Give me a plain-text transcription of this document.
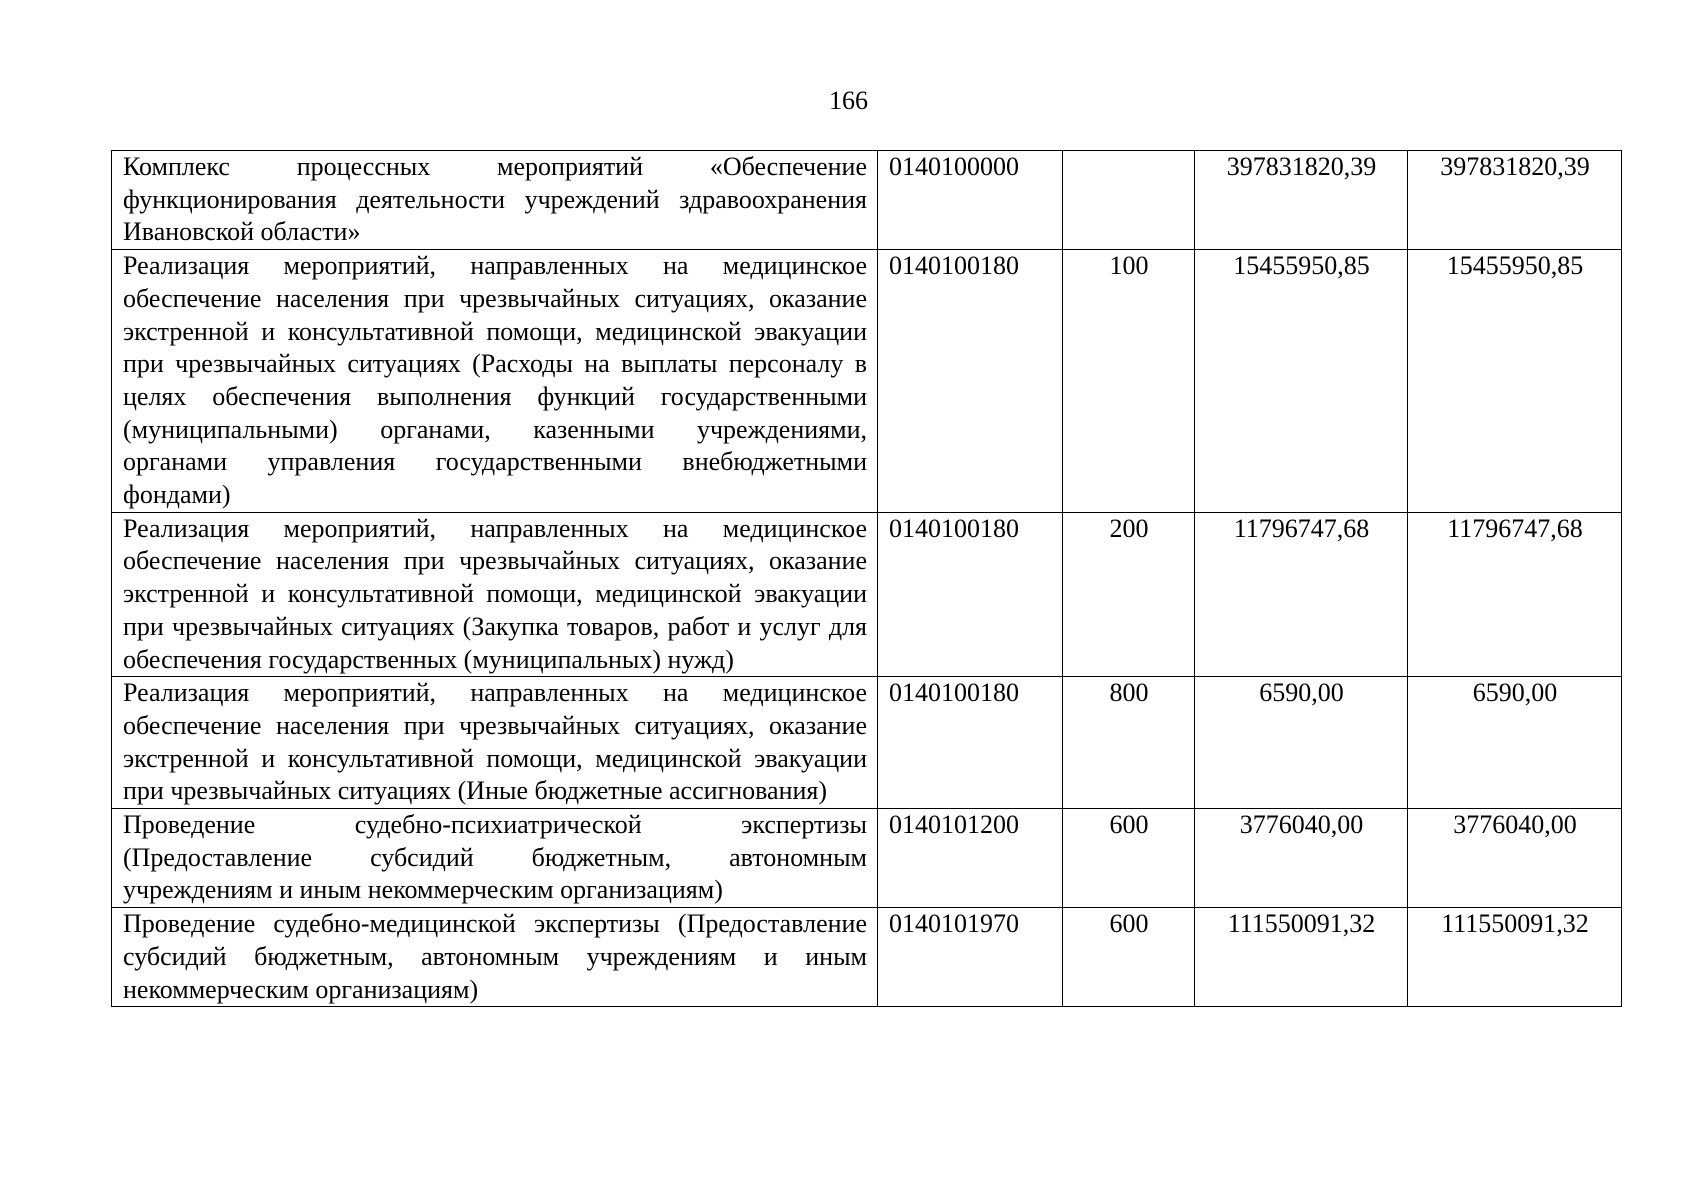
166
Комплекс процессных мероприятий «Обеспечение функционирования деятельности учреждений здравоохранения Ивановской области»	0140100000		397831820,39	397831820,39
Реализация мероприятий, направленных на медицинское обеспечение населения при чрезвычайных ситуациях, оказание экстренной и консультативной помощи, медицинской эвакуации при чрезвычайных ситуациях (Расходы на выплаты персоналу в целях обеспечения выполнения функций государственными (муниципальными) органами, казенными учреждениями, органами управления государственными внебюджетными фондами)	0140100180	100	15455950,85	15455950,85
Реализация мероприятий, направленных на медицинское обеспечение населения при чрезвычайных ситуациях, оказание экстренной и консультативной помощи, медицинской эвакуации при чрезвычайных ситуациях (Закупка товаров, работ и услуг для обеспечения государственных (муниципальных) нужд)	0140100180	200	11796747,68	11796747,68
Реализация мероприятий, направленных на медицинское обеспечение населения при чрезвычайных ситуациях, оказание экстренной и консультативной помощи, медицинской эвакуации при чрезвычайных ситуациях (Иные бюджетные ассигнования)	0140100180	800	6590,00	6590,00
Проведение судебно-психиатрической экспертизы (Предоставление субсидий бюджетным, автономным учреждениям и иным некоммерческим организациям)	0140101200	600	3776040,00	3776040,00
Проведение судебно-медицинской экспертизы (Предоставление субсидий бюджетным, автономным учреждениям и иным некоммерческим организациям)	0140101970	600	111550091,32	111550091,32
